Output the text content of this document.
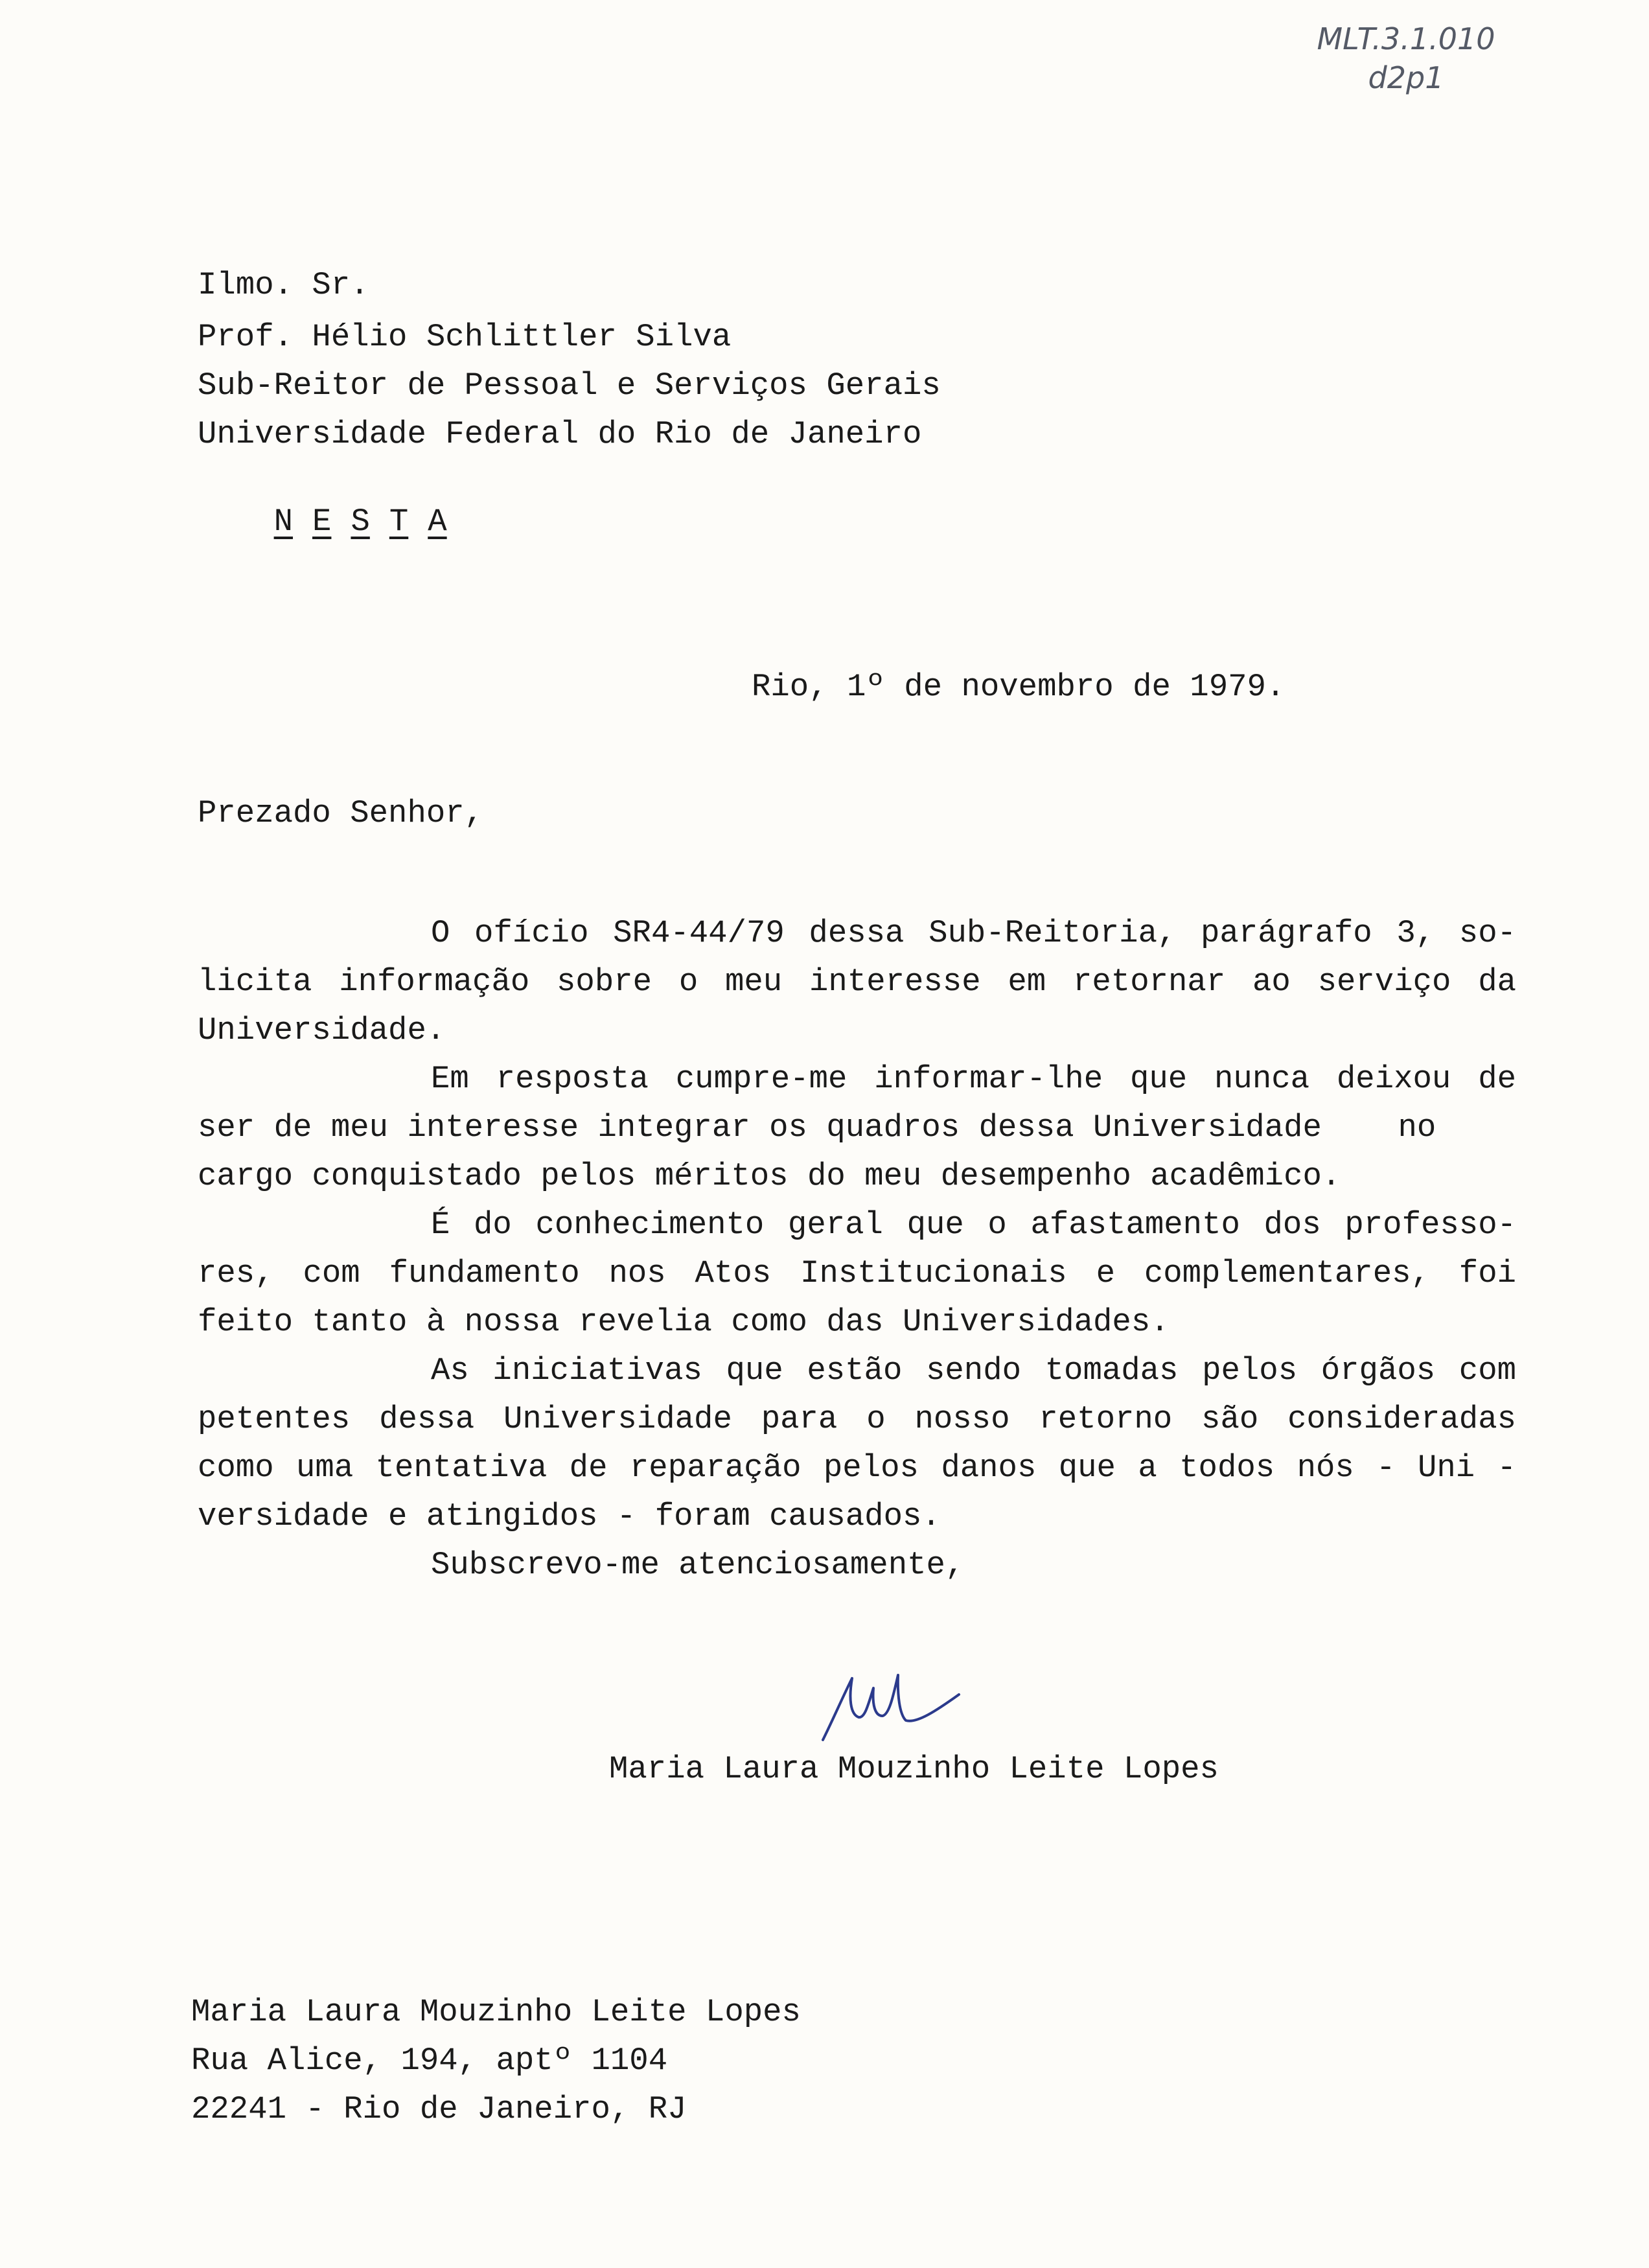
MLT.3.1.010
d2p1
Ilmo. Sr.
Prof. Hélio Schlittler Silva
Sub-Reitor de Pessoal e Serviços Gerais
Universidade Federal do Rio de Janeiro

N E S T A

Rio, 1º de novembro de 1979.
Prezado Senhor,
O ofício SR4-44/79 dessa Sub-Reitoria, parágrafo 3, so-
licita informação sobre o meu interesse em retornar ao serviço da
Universidade.
Em resposta cumpre-me informar-lhe que nunca deixou de
ser de meu interesse integrar os quadros dessa Universidade    no
cargo conquistado pelos méritos do meu desempenho acadêmico.
É do conhecimento geral que o afastamento dos professo-
res, com fundamento nos Atos Institucionais e complementares, foi
feito tanto à nossa revelia como das Universidades.
As iniciativas que estão sendo tomadas pelos órgãos com
petentes dessa Universidade para o nosso retorno são consideradas
como uma tentativa de reparação pelos danos que a todos nós - Uni -
versidade e atingidos - foram causados.
Subscrevo-me atenciosamente,
Maria Laura Mouzinho Leite Lopes
Maria Laura Mouzinho Leite Lopes
Rua Alice, 194, aptº 1104
22241 - Rio de Janeiro, RJ
